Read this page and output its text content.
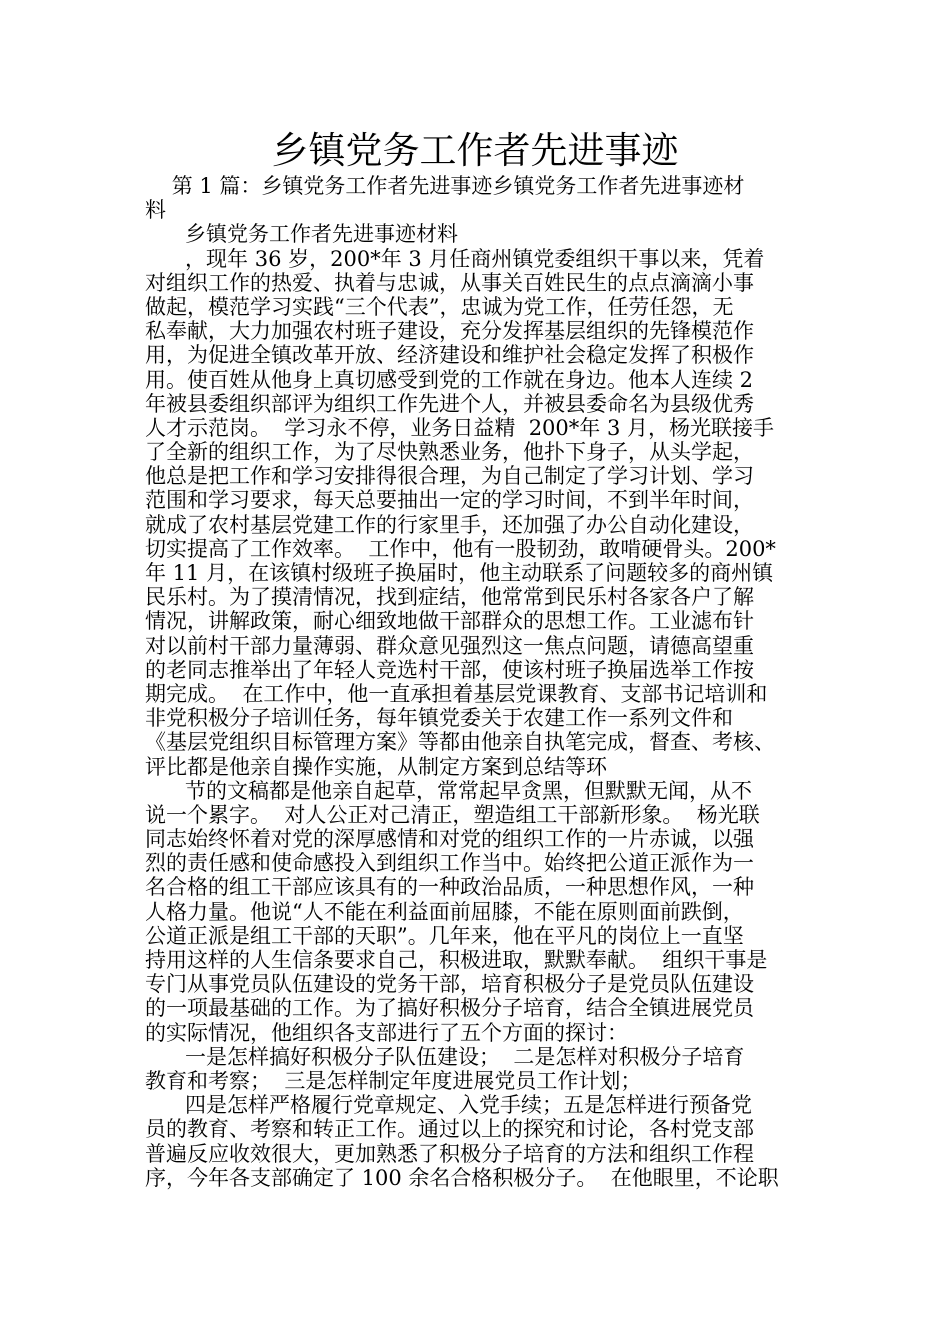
乡镇党务工作者先进事迹
第 1 篇：乡镇党务工作者先进事迹乡镇党务工作者先进事迹材
料
乡镇党务工作者先进事迹材料
，现年 36 岁，200*年 3 月任商州镇党委组织干事以来，凭着
对组织工作的热爱、执着与忠诚，从事关百姓民生的点点滴滴小事
做起，模范学习实践“三个代表”，忠诚为党工作，任劳任怨，无
私奉献，大力加强农村班子建设，充分发挥基层组织的先锋模范作
用，为促进全镇改革开放、经济建设和维护社会稳定发挥了积极作
用。使百姓从他身上真切感受到党的工作就在身边。他本人连续 2
年被县委组织部评为组织工作先进个人，并被县委命名为县级优秀
人才示范岗。  学习永不停，业务日益精  200*年 3 月，杨光联接手
了全新的组织工作，为了尽快熟悉业务，他扑下身子，从头学起，
他总是把工作和学习安排得很合理，为自己制定了学习计划、学习
范围和学习要求，每天总要抽出一定的学习时间，不到半年时间，
就成了农村基层党建工作的行家里手，还加强了办公自动化建设，
切实提高了工作效率。  工作中，他有一股韧劲，敢啃硬骨头。200*
年 11 月，在该镇村级班子换届时，他主动联系了问题较多的商州镇
民乐村。为了摸清情况，找到症结，他常常到民乐村各家各户了解
情况，讲解政策，耐心细致地做干部群众的思想工作。工业滤布针
对以前村干部力量薄弱、群众意见强烈这一焦点问题，请德高望重
的老同志推举出了年轻人竞选村干部，使该村班子换届选举工作按
期完成。  在工作中，他一直承担着基层党课教育、支部书记培训和
非党积极分子培训任务，每年镇党委关于农建工作一系列文件和
《基层党组织目标管理方案》等都由他亲自执笔完成，督查、考核、
评比都是他亲自操作实施，从制定方案到总结等环
节的文稿都是他亲自起草，常常起早贪黑，但默默无闻，从不
说一个累字。  对人公正对己清正，塑造组工干部新形象。  杨光联
同志始终怀着对党的深厚感情和对党的组织工作的一片赤诚，以强
烈的责任感和使命感投入到组织工作当中。始终把公道正派作为一
名合格的组工干部应该具有的一种政治品质，一种思想作风，一种
人格力量。他说“人不能在利益面前屈膝，不能在原则面前跌倒，
公道正派是组工干部的天职”。几年来，他在平凡的岗位上一直坚
持用这样的人生信条要求自己，积极进取，默默奉献。  组织干事是
专门从事党员队伍建设的党务干部，培育积极分子是党员队伍建设
的一项最基础的工作。为了搞好积极分子培育，结合全镇进展党员
的实际情况，他组织各支部进行了五个方面的探讨：
一是怎样搞好积极分子队伍建设；  二是怎样对积极分子培育
教育和考察；  三是怎样制定年度进展党员工作计划；
四是怎样严格履行党章规定、入党手续；五是怎样进行预备党
员的教育、考察和转正工作。通过以上的探究和讨论，各村党支部
普遍反应收效很大，更加熟悉了积极分子培育的方法和组织工作程
序，今年各支部确定了 100 余名合格积极分子。  在他眼里，不论职
